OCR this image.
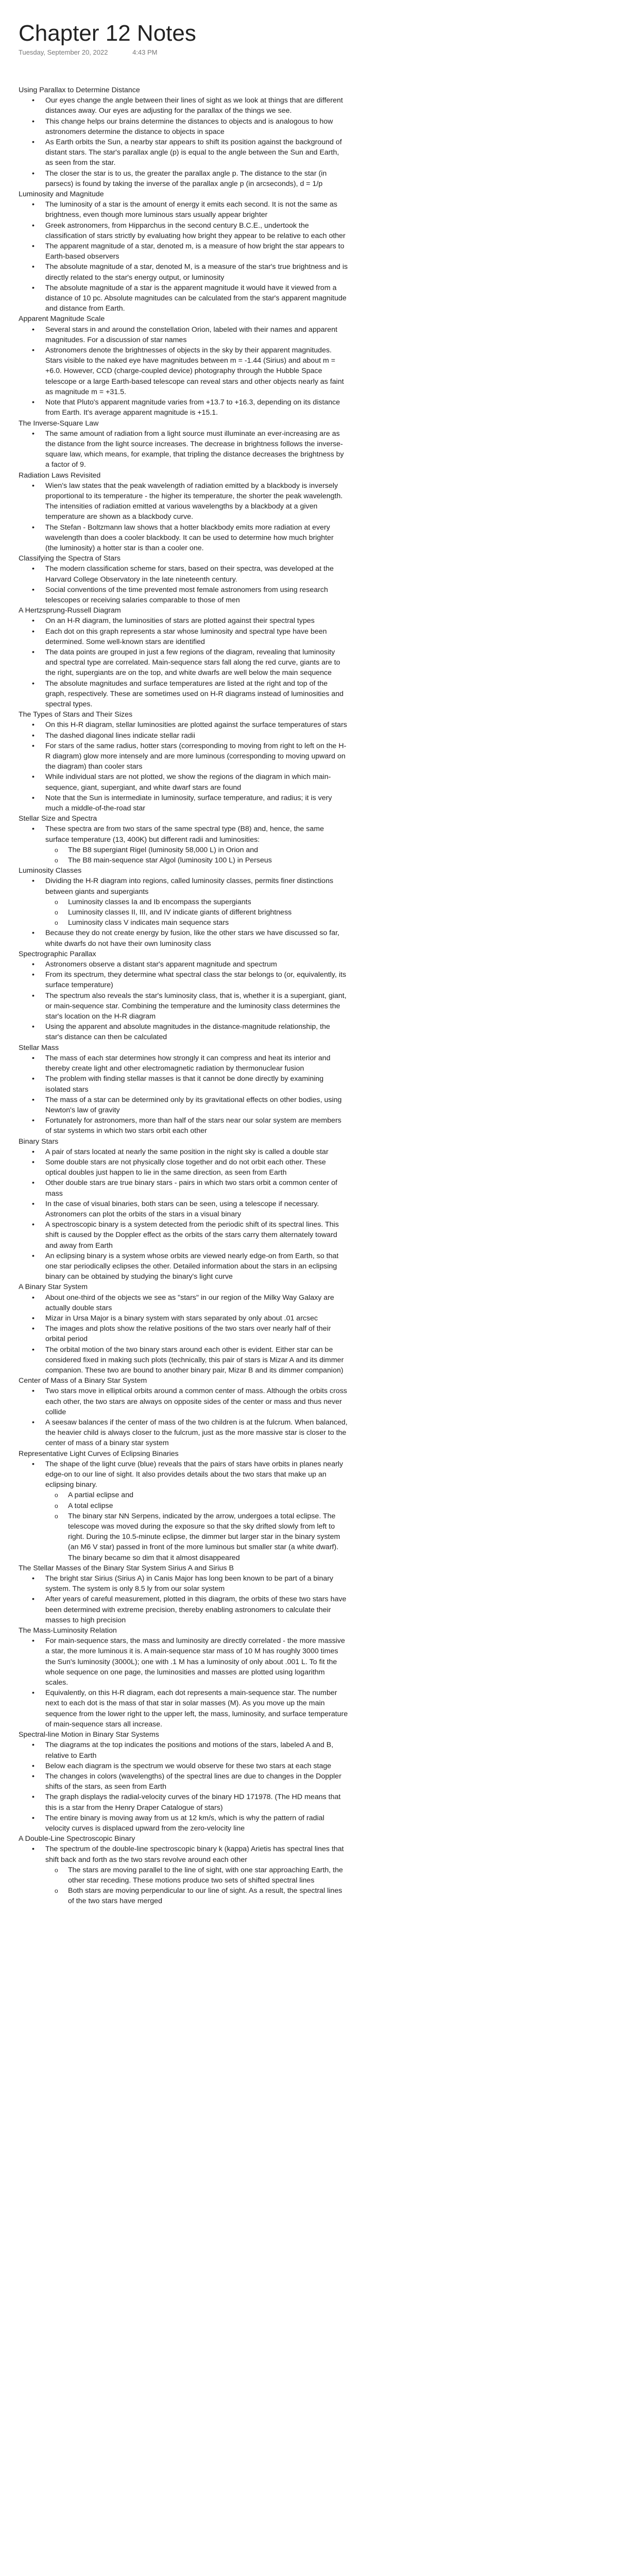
Chapter 12 Notes
Tuesday, September 20, 2022	4:43 PM
Using Parallax to Determine Distance
• Our eyes change the angle between their lines of sight as we look at things that are different distances away. Our eyes are adjusting for the parallax of the things we see.
• This change helps our brains determine the distances to objects and is analogous to how astronomers determine the distance to objects in space
• As Earth orbits the Sun, a nearby star appears to shift its position against the background of distant stars. The star's parallax angle (p) is equal to the angle between the Sun and Earth, as seen from the star.
• The closer the star is to us, the greater the parallax angle p. The distance to the star (in parsecs) is found by taking the inverse of the parallax angle p (in arcseconds), d = 1/p
Luminosity and Magnitude
• The luminosity of a star is the amount of energy it emits each second. It is not the same as brightness, even though more luminous stars usually appear brighter
• Greek astronomers, from Hipparchus in the second century B.C.E., undertook the classification of stars strictly by evaluating how bright they appear to be relative to each other
• The apparent magnitude of a star, denoted m, is a measure of how bright the star appears to Earth-based observers
• The absolute magnitude of a star, denoted M, is a measure of the star's true brightness and is directly related to the star's energy output, or luminosity
• The absolute magnitude of a star is the apparent magnitude it would have it viewed from a distance of 10 pc. Absolute magnitudes can be calculated from the star's apparent magnitude and distance from Earth.
Apparent Magnitude Scale
• Several stars in and around the constellation Orion, labeled with their names and apparent magnitudes. For a discussion of star names
• Astronomers denote the brightnesses of objects in the sky by their apparent magnitudes. Stars visible to the naked eye have magnitudes between m = -1.44 (Sirius) and about m = +6.0. However, CCD (charge-coupled device) photography through the Hubble Space telescope or a large Earth-based telescope can reveal stars and other objects nearly as faint as magnitude m = +31.5.
• Note that Pluto's apparent magnitude varies from +13.7 to +16.3, depending on its distance from Earth. It's average apparent magnitude is +15.1.
The Inverse-Square Law
• The same amount of radiation from a light source must illuminate an ever-increasing are as the distance from the light source increases. The decrease in brightness follows the inverse-square law, which means, for example, that tripling the distance decreases the brightness by a factor of 9.
Radiation Laws Revisited
• Wien's law states that the peak wavelength of radiation emitted by a blackbody is inversely proportional to its temperature - the higher its temperature, the shorter the peak wavelength. The intensities of radiation emitted at various wavelengths by a blackbody at a given temperature are shown as a blackbody curve.
• The Stefan - Boltzmann law shows that a hotter blackbody emits more radiation at every wavelength than does a cooler blackbody. It can be used to determine how much brighter (the luminosity) a hotter star is than a cooler one.
Classifying the Spectra of Stars
• The modern classification scheme for stars, based on their spectra, was developed at the Harvard College Observatory in the late nineteenth century.
• Social conventions of the time prevented most female astronomers from using research telescopes or receiving salaries comparable to those of men
A Hertzsprung-Russell Diagram
• On an H-R diagram, the luminosities of stars are plotted against their spectral types
• Each dot on this graph represents a star whose luminosity and spectral type have been determined. Some well-known stars are identified
• The data points are grouped in just a few regions of the diagram, revealing that luminosity and spectral type are correlated. Main-sequence stars fall along the red curve, giants are to the right, supergiants are on the top, and white dwarfs are well below the main sequence
• The absolute magnitudes and surface temperatures are listed at the right and top of the graph, respectively. These are sometimes used on H-R diagrams instead of luminosities and spectral types.
The Types of Stars and Their Sizes
• On this H-R diagram, stellar luminosities are plotted against the surface temperatures of stars
• The dashed diagonal lines indicate stellar radii
• For stars of the same radius, hotter stars (corresponding to moving from right to left on the H-R diagram) glow more intensely and are more luminous (corresponding to moving upward on the diagram) than cooler stars
• While individual stars are not plotted, we show the regions of the diagram in which main-sequence, giant, supergiant, and white dwarf stars are found
• Note that the Sun is intermediate in luminosity, surface temperature, and radius; it is very much a middle-of-the-road star
Stellar Size and Spectra
• These spectra are from two stars of the same spectral type (B8) and, hence, the same surface temperature (13, 400K) but different radii and luminosities:
o The B8 supergiant Rigel (luminosity 58,000 L) in Orion and
o The B8 main-sequence star Algol (luminosity 100 L) in Perseus
Luminosity Classes
• Dividing the H-R diagram into regions, called luminosity classes, permits finer distinctions between giants and supergiants
o Luminosity classes Ia and Ib encompass the supergiants
o Luminosity classes II, III, and IV indicate giants of different brightness
o Luminosity class V indicates main sequence stars
• Because they do not create energy by fusion, like the other stars we have discussed so far, white dwarfs do not have their own luminosity class
Spectrographic Parallax
• Astronomers observe a distant star's apparent magnitude and spectrum
• From its spectrum, they determine what spectral class the star belongs to (or, equivalently, its surface temperature)
• The spectrum also reveals the star's luminosity class, that is, whether it is a supergiant, giant, or main-sequence star. Combining the temperature and the luminosity class determines the star's location on the H-R diagram
• Using the apparent and absolute magnitudes in the distance-magnitude relationship, the star's distance can then be calculated
Stellar Mass
• The mass of each star determines how strongly it can compress and heat its interior and thereby create light and other electromagnetic radiation by thermonuclear fusion
• The problem with finding stellar masses is that it cannot be done directly by examining isolated stars
• The mass of a star can be determined only by its gravitational effects on other bodies, using Newton's law of gravity
• Fortunately for astronomers, more than half of the stars near our solar system are members of star systems in which two stars orbit each other
Binary Stars
• A pair of stars located at nearly the same position in the night sky is called a double star
• Some double stars are not physically close together and do not orbit each other. These optical doubles just happen to lie in the same direction, as seen from Earth
• Other double stars are true binary stars - pairs in which two stars orbit a common center of mass
• In the case of visual binaries, both stars can be seen, using a telescope if necessary. Astronomers can plot the orbits of the stars in a visual binary
• A spectroscopic binary is a system detected from the periodic shift of its spectral lines. This shift is caused by the Doppler effect as the orbits of the stars carry them alternately toward and away from Earth
• An eclipsing binary is a system whose orbits are viewed nearly edge-on from Earth, so that one star periodically eclipses the other. Detailed information about the stars in an eclipsing binary can be obtained by studying the binary's light curve
A Binary Star System
• About one-third of the objects we see as "stars" in our region of the Milky Way Galaxy are actually double stars
• Mizar in Ursa Major is a binary system with stars separated by only about .01 arcsec
• The images and plots show the relative positions of the two stars over nearly half of their orbital period
• The orbital motion of the two binary stars around each other is evident. Either star can be considered fixed in making such plots (technically, this pair of stars is Mizar A and its dimmer companion. These two are bound to another binary pair, Mizar B and its dimmer companion)
Center of Mass of a Binary Star System
• Two stars move in elliptical orbits around a common center of mass. Although the orbits cross each other, the two stars are always on opposite sides of the center or mass and thus never collide
• A seesaw balances if the center of mass of the two children is at the fulcrum. When balanced, the heavier child is always closer to the fulcrum, just as the more massive star is closer to the center of mass of a binary star system
Representative Light Curves of Eclipsing Binaries
• The shape of the light curve (blue) reveals that the pairs of stars have orbits in planes nearly edge-on to our line of sight. It also provides details about the two stars that make up an eclipsing binary.
o A partial eclipse and
o A total eclipse
o The binary star NN Serpens, indicated by the arrow, undergoes a total eclipse. The telescope was moved during the exposure so that the sky drifted slowly from left to right. During the 10.5-minute eclipse, the dimmer but larger star in the binary system (an M6 V star) passed in front of the more luminous but smaller star (a white dwarf). The binary became so dim that it almost disappeared
The Stellar Masses of the Binary Star System Sirius A and Sirius B
• The bright star Sirius (Sirius A) in Canis Major has long been known to be part of a binary system. The system is only 8.5 ly from our solar system
• After years of careful measurement, plotted in this diagram, the orbits of these two stars have been determined with extreme precision, thereby enabling astronomers to calculate their masses to high precision
The Mass-Luminosity Relation
• For main-sequence stars, the mass and luminosity are directly correlated - the more massive a star, the more luminous it is. A main-sequence star mass of 10 M has roughly 3000 times the Sun's luminosity (3000L); one with .1 M has a luminosity of only about .001 L. To fit the whole sequence on one page, the luminosities and masses are plotted using logarithm scales.
• Equivalently, on this H-R diagram, each dot represents a main-sequence star. The number next to each dot is the mass of that star in solar masses (M). As you move up the main sequence from the lower right to the upper left, the mass, luminosity, and surface temperature of main-sequence stars all increase.
Spectral-line Motion in Binary Star Systems
• The diagrams at the top indicates the positions and motions of the stars, labeled A and B, relative to Earth
• Below each diagram is the spectrum we would observe for these two stars at each stage
• The changes in colors (wavelengths) of the spectral lines are due to changes in the Doppler shifts of the stars, as seen from Earth
• The graph displays the radial-velocity curves of the binary HD 171978. (The HD means that this is a star from the Henry Draper Catalogue of stars)
• The entire binary is moving away from us at 12 km/s, which is why the pattern of radial velocity curves is displaced upward from the zero-velocity line
A Double-Line Spectroscopic Binary
• The spectrum of the double-line spectroscopic binary k (kappa) Arietis has spectral lines that shift back and forth as the two stars revolve around each other
o The stars are moving parallel to the line of sight, with one star approaching Earth, the other star receding. These motions produce two sets of shifted spectral lines
o Both stars are moving perpendicular to our line of sight. As a result, the spectral lines of the two stars have merged
